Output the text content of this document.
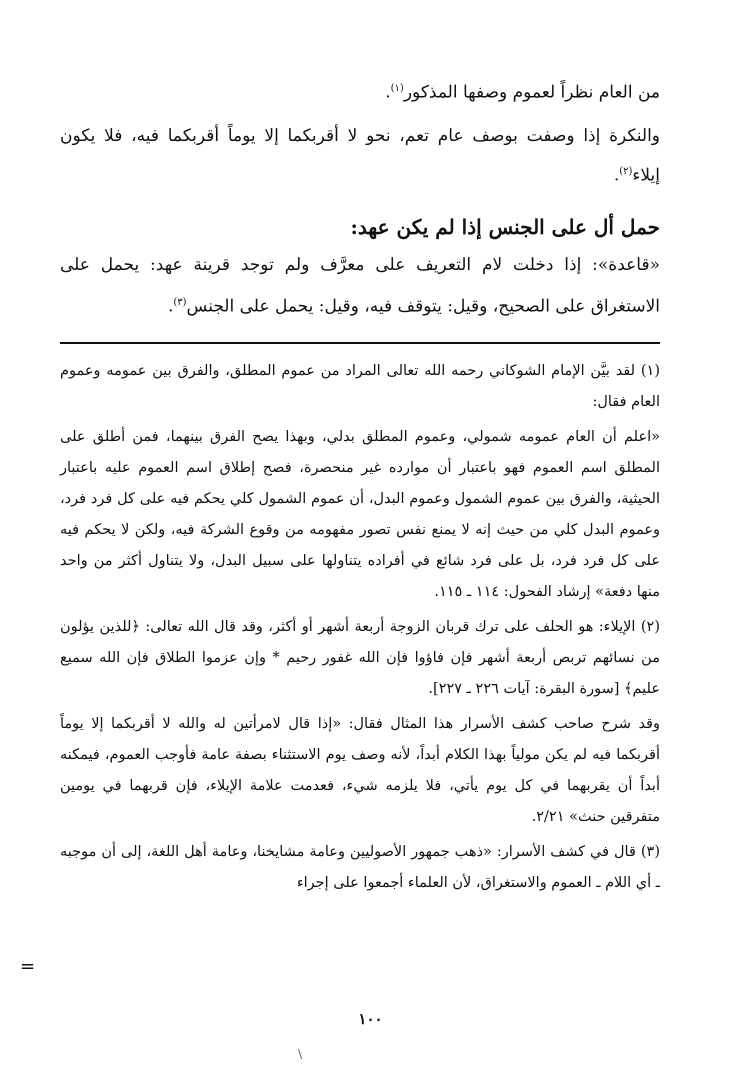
من العام نظراً لعموم وصفها المذكور$^{(١)}$.

والنكرة إذا وصفت بوصف عام تعم، نحو لا أقربكما إلا يوماً أقربكما فيه، فلا يكون إيلاء$^{(٢)}$.

حمل أل على الجنس إذا لم يكن عهد:

«قاعدة»: إذا دخلت لام التعريف على معرَّف ولم توجد قرينة عهد: يحمل على الاستغراق على الصحيح، وقيل: يتوقف فيه، وقيل: يحمل على الجنس$^{(٣)}$.

(١) لقد بيَّن الإمام الشوكاني رحمه الله تعالى المراد من عموم المطلق، والفرق بين عمومه وعموم العام فقال:

«اعلم أن العام عمومه شمولي، وعموم المطلق بدلي، وبهذا يصح الفرق بينهما، فمن أطلق على المطلق اسم العموم فهو باعتبار أن موارده غير منحصرة، فصح إطلاق اسم العموم عليه باعتبار الحيثية، والفرق بين عموم الشمول وعموم البدل، أن عموم الشمول كلي يحكم فيه على كل فرد فرد، وعموم البدل كلي من حيث إنه لا يمنع نفس تصور مفهومه من وقوع الشركة فيه، ولكن لا يحكم فيه على كل فرد فرد، بل على فرد شائع في أفراده يتناولها على سبيل البدل، ولا يتناول أكثر من واحد منها دفعة» إرشاد الفحول: ١١٤ ـ ١١٥.

(٢) الإيلاء: هو الحلف على ترك قربان الزوجة أربعة أشهر أو أكثر، وقد قال الله تعالى: ﴿للذين يؤلون من نسائهم تربص أربعة أشهر فإن فاؤوا فإن الله غفور رحيم * وإن عزموا الطلاق فإن الله سميع عليم﴾ [سورة البقرة: آيات ٢٢٦ ـ ٢٢٧].

وقد شرح صاحب كشف الأسرار هذا المثال فقال: «إذا قال لامرأتين له والله لا أقربكما إلا يوماً أقربكما فيه لم يكن مولياً بهذا الكلام أبداً، لأنه وصف يوم الاستثناء بصفة عامة فأوجب العموم، فيمكنه أبداً أن يقربهما في كل يوم يأتي، فلا يلزمه شيء، فعدمت علامة الإيلاء، فإن قربهما في يومين متفرقين حنث» ٢/٢١.

(٣) قال في كشف الأسرار: «ذهب جمهور الأصوليين وعامة مشايخنا، وعامة أهل اللغة، إلى أن موجبه ـ أي اللام ـ العموم والاستغراق، لأن العلماء أجمعوا على إجراء

=
١٠٠
\
